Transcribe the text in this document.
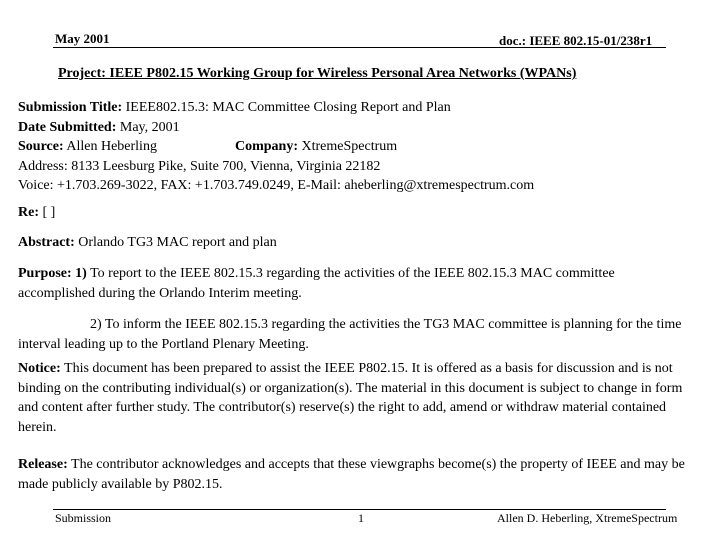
May 2001	doc.: IEEE 802.15-01/238r1
Project: IEEE P802.15 Working Group for Wireless Personal Area Networks (WPANs)
Submission Title: IEEE802.15.3: MAC Committee Closing Report and Plan
Date Submitted: May, 2001
Source: Allen Heberling	Company: XtremeSpectrum
Address: 8133 Leesburg Pike, Suite 700, Vienna, Virginia 22182
Voice: +1.703.269-3022, FAX: +1.703.749.0249, E-Mail: aheberling@xtremespectrum.com
Re: [ ]
Abstract: Orlando TG3 MAC report and plan
Purpose: 1) To report to the IEEE 802.15.3 regarding the activities of the IEEE 802.15.3 MAC committee accomplished during the Orlando Interim meeting.
2) To inform the IEEE 802.15.3 regarding the activities the TG3 MAC committee is planning for the time interval leading up to the Portland Plenary Meeting.
Notice: This document has been prepared to assist the IEEE P802.15. It is offered as a basis for discussion and is not binding on the contributing individual(s) or organization(s). The material in this document is subject to change in form and content after further study. The contributor(s) reserve(s) the right to add, amend or withdraw material contained herein.
Release: The contributor acknowledges and accepts that these viewgraphs become(s) the property of IEEE and may be made publicly available by P802.15.
Submission	1	Allen D. Heberling, XtremeSpectrum
